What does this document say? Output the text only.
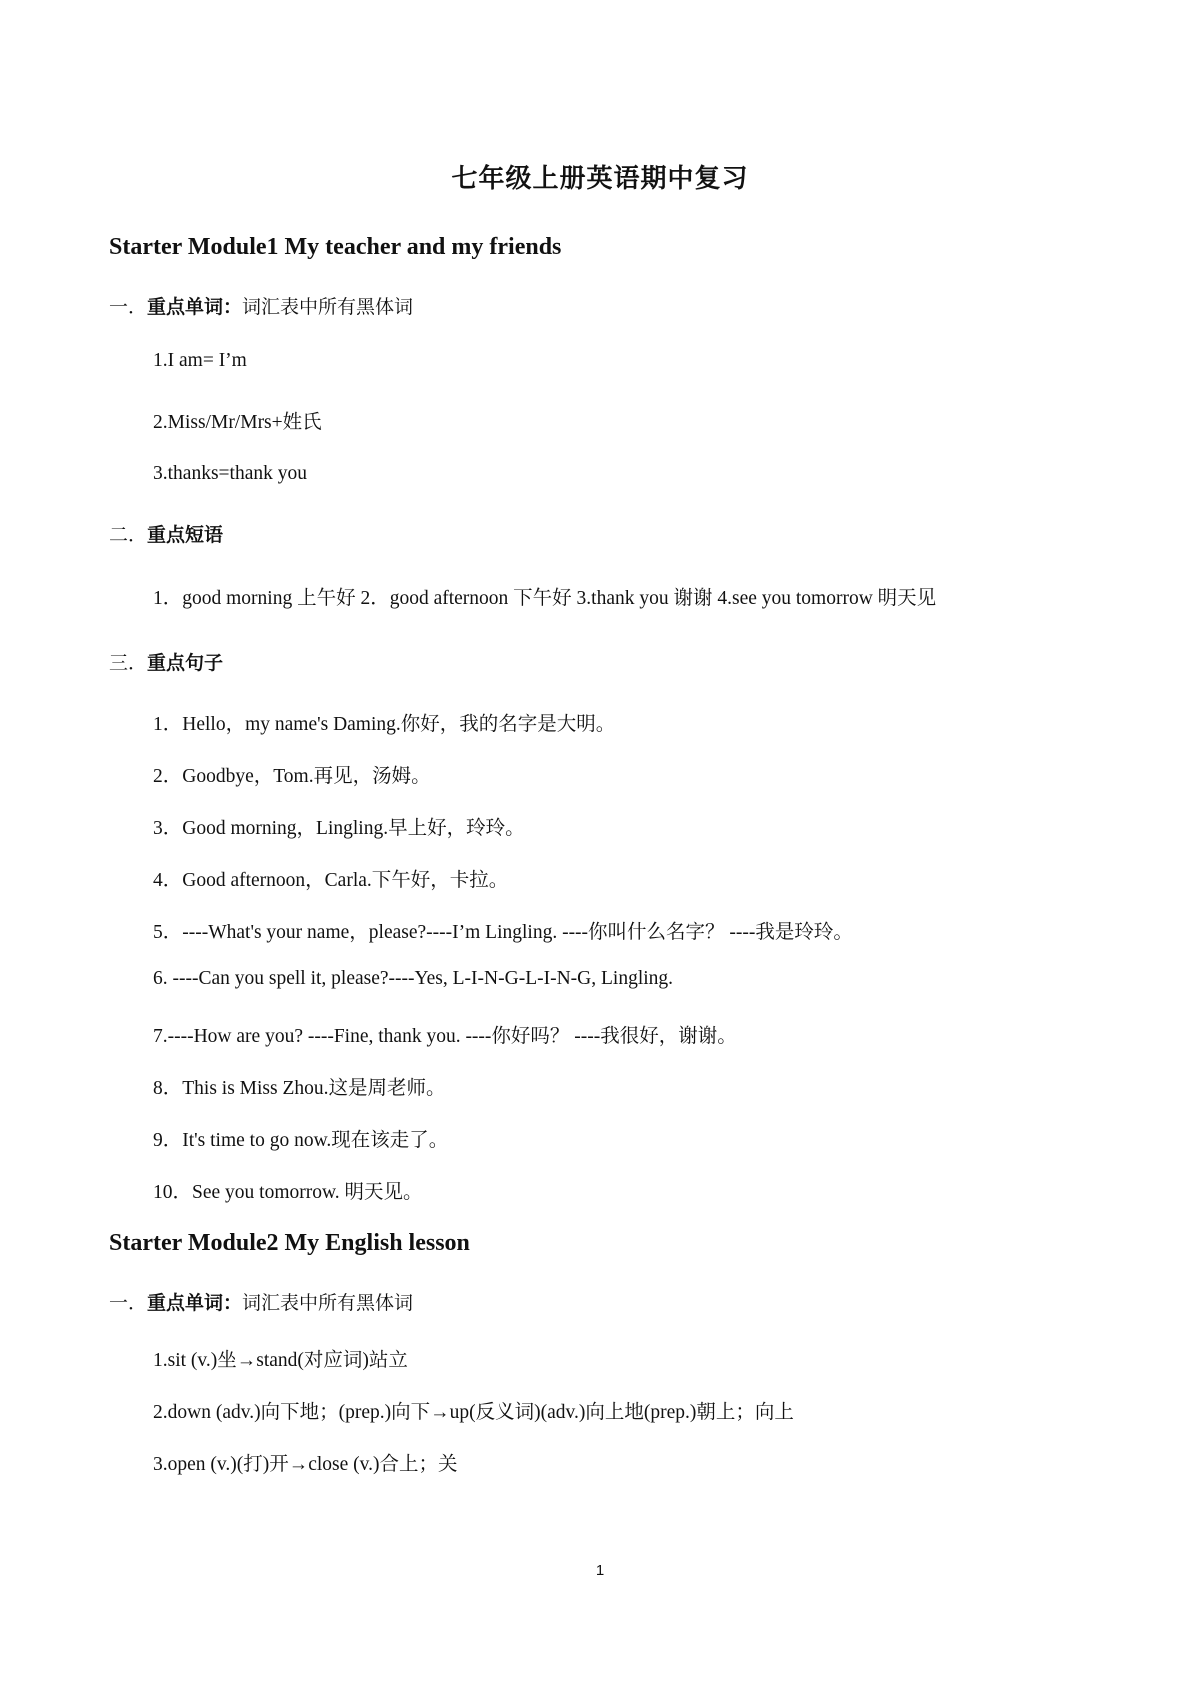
七年级上册英语期中复习
Starter Module1 My teacher and my friends
一．重点单词：词汇表中所有黑体词
1.I am= I’m
2.Miss/Mr/Mrs+姓氏
3.thanks=thank you
二．重点短语
1．good morning 上午好 2．good afternoon 下午好 3.thank you 谢谢 4.see you tomorrow 明天见
三．重点句子
1．Hello，my name's Daming.你好，我的名字是大明。
2．Goodbye，Tom.再见，汤姆。
3．Good morning，Lingling.早上好，玲玲。
4．Good afternoon，Carla.下午好，卡拉。
5．----What's your name，please?----I’m Lingling. ----你叫什么名字？ ----我是玲玲。
6. ----Can you spell it, please?----Yes, L-I-N-G-L-I-N-G, Lingling.
7.----How are you? ----Fine, thank you. ----你好吗？ ----我很好，谢谢。
8．This is Miss Zhou.这是周老师。
9．It's time to go now.现在该走了。
10．See you tomorrow. 明天见。
Starter Module2 My English lesson
一．重点单词：词汇表中所有黑体词
1.sit (v.)坐→stand(对应词)站立
2.down (adv.)向下地；(prep.)向下→up(反义词)(adv.)向上地(prep.)朝上；向上
3.open (v.)(打)开→close (v.)合上；关
1
